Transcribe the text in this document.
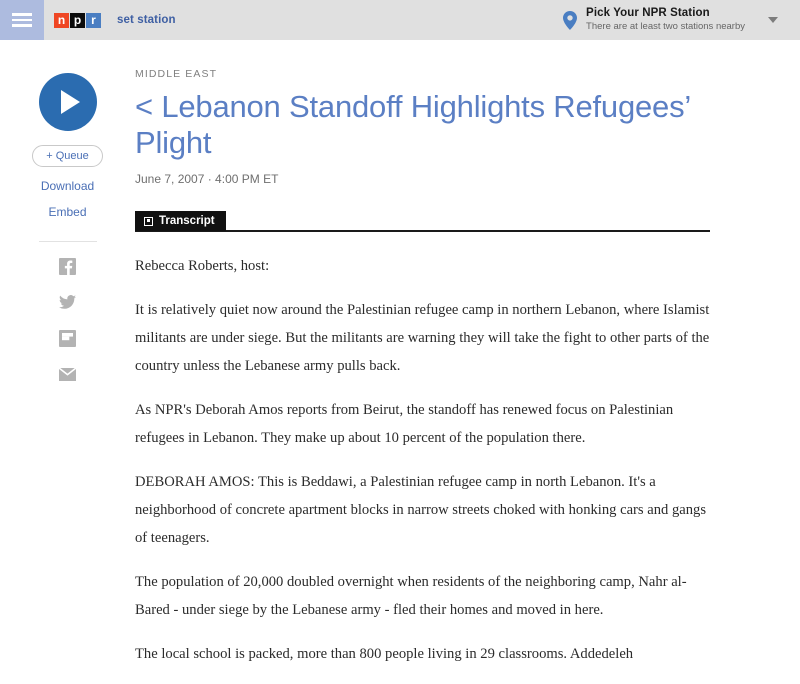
n p r	set station
Pick Your NPR Station
There are at least two stations nearby
+ Queue
Download
Embed
MIDDLE EAST
< Lebanon Standoff Highlights Refugees’ Plight
June 7, 2007 · 4:00 PM ET
Transcript

Rebecca Roberts, host:

It is relatively quiet now around the Palestinian refugee camp in northern Lebanon, where Islamist militants are under siege. But the militants are warning they will take the fight to other parts of the country unless the Lebanese army pulls back.

As NPR's Deborah Amos reports from Beirut, the standoff has renewed focus on Palestinian refugees in Lebanon. They make up about 10 percent of the population there.

DEBORAH AMOS: This is Beddawi, a Palestinian refugee camp in north Lebanon. It's a neighborhood of concrete apartment blocks in narrow streets choked with honking cars and gangs of teenagers.

The population of 20,000 doubled overnight when residents of the neighboring camp, Nahr al-Bared - under siege by the Lebanese army - fled their homes and moved in here.

The local school is packed, more than 800 people living in 29 classrooms. Addedeleh
